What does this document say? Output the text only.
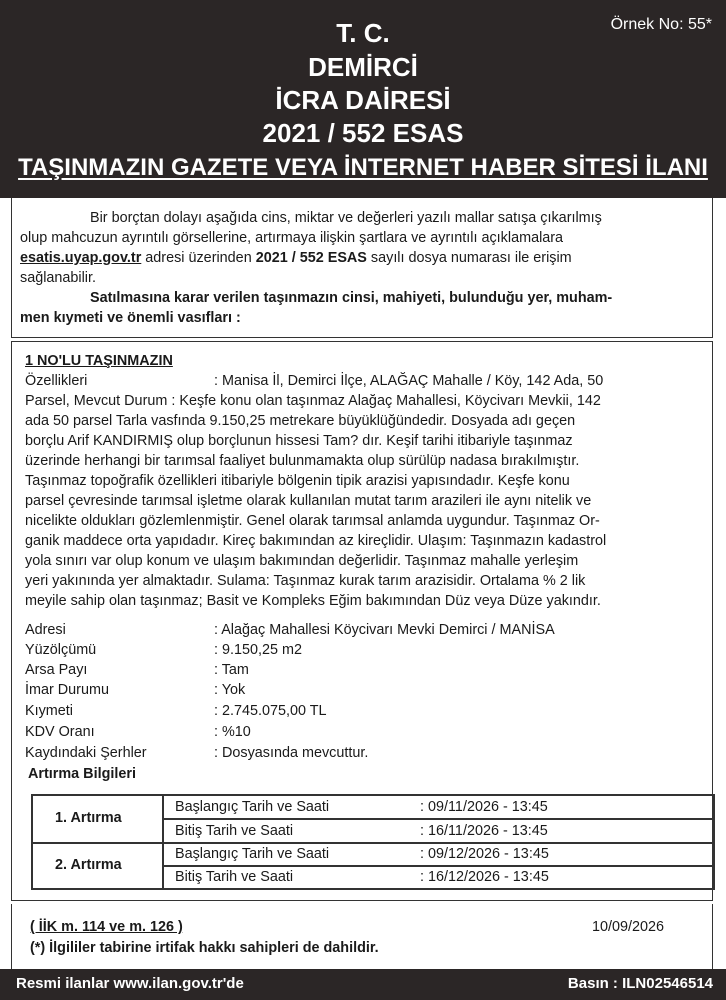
Örnek No: 55*
T. C.
DEMİRCİ
İCRA DAİRESİ
2021 / 552 ESAS
TAŞINMAZIN GAZETE VEYA İNTERNET HABER SİTESİ İLANI
Bir borçtan dolayı aşağıda cins, miktar ve değerleri yazılı mallar satışa çıkarılmış
olup mahcuzun ayrıntılı görsellerine, artırmaya ilişkin şartlara ve ayrıntılı açıklamalara
esatis.uyap.gov.tr adresi üzerinden 2021 / 552 ESAS sayılı dosya numarası ile erişim
sağlanabilir.
Satılmasına karar verilen taşınmazın cinsi, mahiyeti, bulunduğu yer, muham-
men kıymeti ve önemli vasıfları :
1 NO'LU TAŞINMAZIN
Özellikleri	: Manisa İl, Demirci İlçe, ALAĞAÇ Mahalle / Köy, 142 Ada, 50
Parsel, Mevcut Durum : Keşfe konu olan taşınmaz Alağaç Mahallesi, Köycivarı Mevkii, 142
ada 50 parsel Tarla vasfında 9.150,25 metrekare büyüklüğündedir. Dosyada adı geçen
borçlu Arif KANDIRMIŞ olup borçlunun hissesi Tam? dır. Keşif tarihi itibariyle taşınmaz
üzerinde herhangi bir tarımsal faaliyet bulunmamakta olup sürülüp nadasa bırakılmıştır.
Taşınmaz topoğrafik özellikleri itibariyle bölgenin tipik arazisi yapısındadır. Keşfe konu
parsel çevresinde tarımsal işletme olarak kullanılan mutat tarım arazileri ile aynı nitelik ve
nicelikte oldukları gözlemlenmiştir. Genel olarak tarımsal anlamda uygundur. Taşınmaz Or-
ganik maddece orta yapıdadır. Kireç bakımından az kireçlidir. Ulaşım: Taşınmazın kadastrol
yola sınırı var olup konum ve ulaşım bakımından değerlidir. Taşınmaz mahalle yerleşim
yeri yakınında yer almaktadır. Sulama: Taşınmaz kurak tarım arazisidir. Ortalama % 2 lik
meyile sahip olan taşınmaz; Basit ve Kompleks Eğim bakımından Düz veya Düze yakındır.
Adresi	: Alağaç Mahallesi Köycivarı Mevki Demirci / MANİSA
Yüzölçümü	: 9.150,25 m2
Arsa Payı	: Tam
İmar Durumu	: Yok
Kıymeti	: 2.745.075,00 TL
KDV Oranı	: %10
Kaydındaki Şerhler	: Dosyasında mevcuttur.
Artırma Bilgileri
1. Artırma
Başlangıç Tarih ve Saati	: 09/11/2026 - 13:45
Bitiş Tarih ve Saati	: 16/11/2026 - 13:45
2. Artırma
Başlangıç Tarih ve Saati	: 09/12/2026 - 13:45
Bitiş Tarih ve Saati	: 16/12/2026 - 13:45
( İİK m. 114 ve m. 126 )	10/09/2026
(*) İlgililer tabirine irtifak hakkı sahipleri de dahildir.
Resmi ilanlar www.ilan.gov.tr'de	Basın : ILN02546514
